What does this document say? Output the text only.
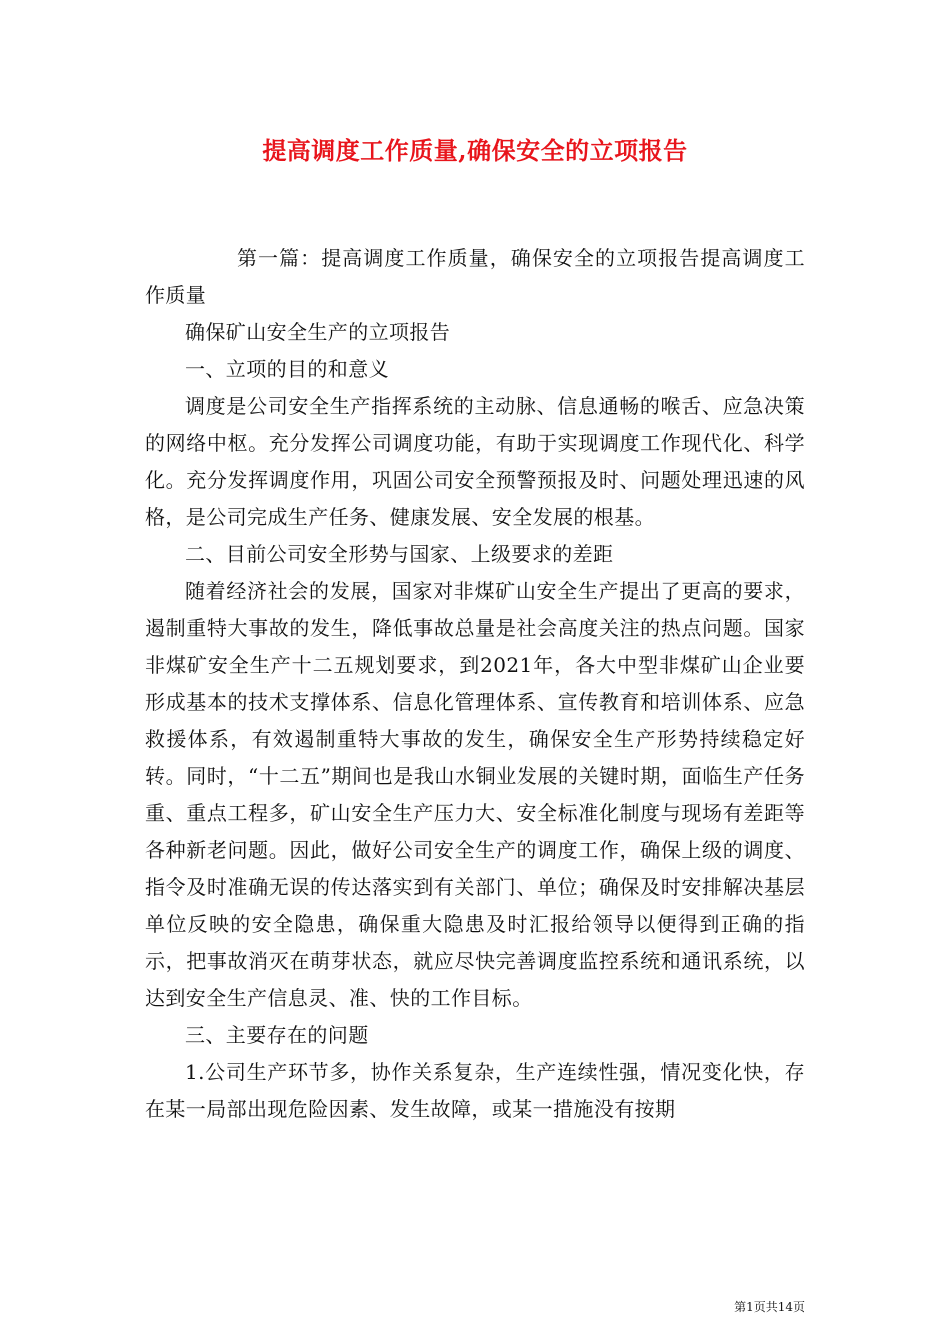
提高调度工作质量,确保安全的立项报告

第一篇：提高调度工作质量，确保安全的立项报告提高调度工作质量

确保矿山安全生产的立项报告

一、立项的目的和意义

调度是公司安全生产指挥系统的主动脉、信息通畅的喉舌、应急决策的网络中枢。充分发挥公司调度功能，有助于实现调度工作现代化、科学化。充分发挥调度作用，巩固公司安全预警预报及时、问题处理迅速的风格，是公司完成生产任务、健康发展、安全发展的根基。

二、目前公司安全形势与国家、上级要求的差距

随着经济社会的发展，国家对非煤矿山安全生产提出了更高的要求，遏制重特大事故的发生，降低事故总量是社会高度关注的热点问题。国家非煤矿安全生产十二五规划要求，到2021年，各大中型非煤矿山企业要形成基本的技术支撑体系、信息化管理体系、宣传教育和培训体系、应急救援体系，有效遏制重特大事故的发生，确保安全生产形势持续稳定好转。同时，“十二五”期间也是我山水铜业发展的关键时期，面临生产任务重、重点工程多，矿山安全生产压力大、安全标准化制度与现场有差距等各种新老问题。因此，做好公司安全生产的调度工作，确保上级的调度、指令及时准确无误的传达落实到有关部门、单位；确保及时安排解决基层单位反映的安全隐患，确保重大隐患及时汇报给领导以便得到正确的指示，把事故消灭在萌芽状态，就应尽快完善调度监控系统和通讯系统，以达到安全生产信息灵、准、快的工作目标。

三、主要存在的问题

1.公司生产环节多，协作关系复杂，生产连续性强，情况变化快，存在某一局部出现危险因素、发生故障，或某一措施没有按期

第1页共14页
